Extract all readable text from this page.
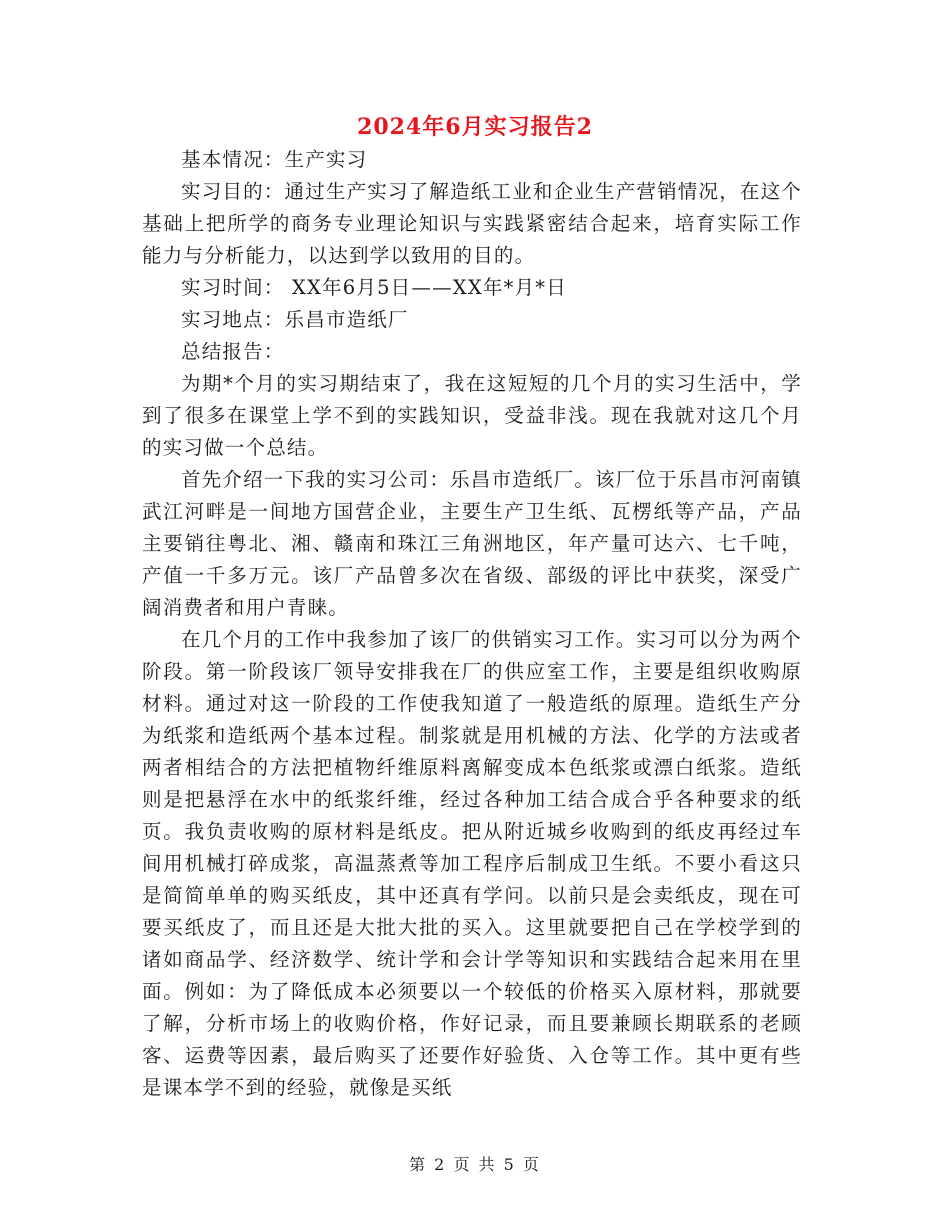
2024年6月实习报告2

基本情况：生产实习

实习目的：通过生产实习了解造纸工业和企业生产营销情况，在这个基础上把所学的商务专业理论知识与实践紧密结合起来，培育实际工作能力与分析能力，以达到学以致用的目的。

实习时间： XX年6月5日——XX年*月*日

实习地点：乐昌市造纸厂

总结报告：

为期*个月的实习期结束了，我在这短短的几个月的实习生活中，学到了很多在课堂上学不到的实践知识，受益非浅。现在我就对这几个月的实习做一个总结。

首先介绍一下我的实习公司：乐昌市造纸厂。该厂位于乐昌市河南镇武江河畔是一间地方国营企业，主要生产卫生纸、瓦楞纸等产品，产品主要销往粤北、湘、赣南和珠江三角洲地区，年产量可达六、七千吨，产值一千多万元。该厂产品曾多次在省级、部级的评比中获奖，深受广阔消费者和用户青睐。

在几个月的工作中我参加了该厂的供销实习工作。实习可以分为两个阶段。第一阶段该厂领导安排我在厂的供应室工作，主要是组织收购原材料。通过对这一阶段的工作使我知道了一般造纸的原理。造纸生产分为纸浆和造纸两个基本过程。制浆就是用机械的方法、化学的方法或者两者相结合的方法把植物纤维原料离解变成本色纸浆或漂白纸浆。造纸则是把悬浮在水中的纸浆纤维，经过各种加工结合成合乎各种要求的纸页。我负责收购的原材料是纸皮。把从附近城乡收购到的纸皮再经过车间用机械打碎成浆，高温蒸煮等加工程序后制成卫生纸。不要小看这只是简简单单的购买纸皮，其中还真有学问。以前只是会卖纸皮，现在可要买纸皮了，而且还是大批大批的买入。这里就要把自己在学校学到的诸如商品学、经济数学、统计学和会计学等知识和实践结合起来用在里面。例如：为了降低成本必须要以一个较低的价格买入原材料，那就要了解，分析市场上的收购价格，作好记录，而且要兼顾长期联系的老顾客、运费等因素，最后购买了还要作好验货、入仓等工作。其中更有些是课本学不到的经验，就像是买纸

第 2 页 共 5 页
